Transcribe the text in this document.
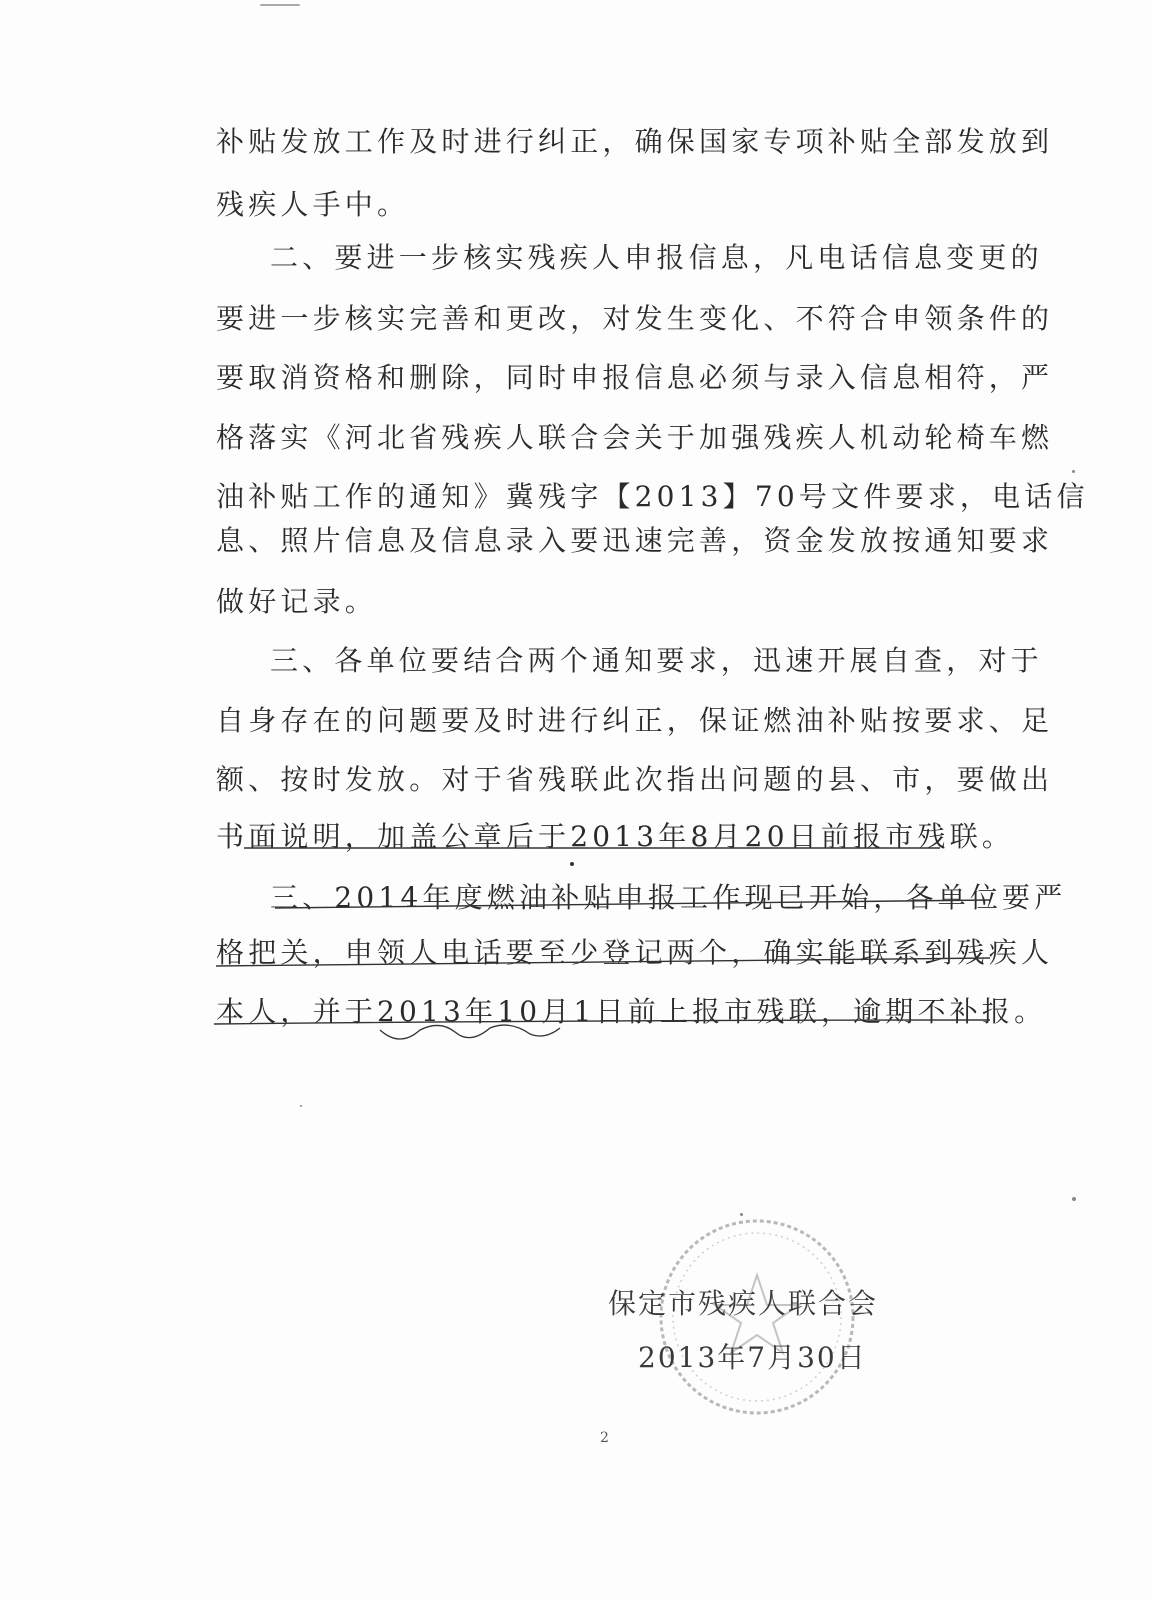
补贴发放工作及时进行纠正，确保国家专项补贴全部发放到
残疾人手中。
二、要进一步核实残疾人申报信息，凡电话信息变更的
要进一步核实完善和更改，对发生变化、不符合申领条件的
要取消资格和删除，同时申报信息必须与录入信息相符，严
格落实《河北省残疾人联合会关于加强残疾人机动轮椅车燃
油补贴工作的通知》冀残字【2013】70号文件要求，电话信
息、照片信息及信息录入要迅速完善，资金发放按通知要求
做好记录。
三、各单位要结合两个通知要求，迅速开展自查，对于
自身存在的问题要及时进行纠正，保证燃油补贴按要求、足
额、按时发放。对于省残联此次指出问题的县、市，要做出
书面说明，加盖公章后于2013年8月20日前报市残联。
三、2014年度燃油补贴申报工作现已开始，各单位要严
格把关，申领人电话要至少登记两个，确实能联系到残疾人
本人，并于2013年10月1日前上报市残联，逾期不补报。
保定市残疾人联合会
2013年7月30日
2
